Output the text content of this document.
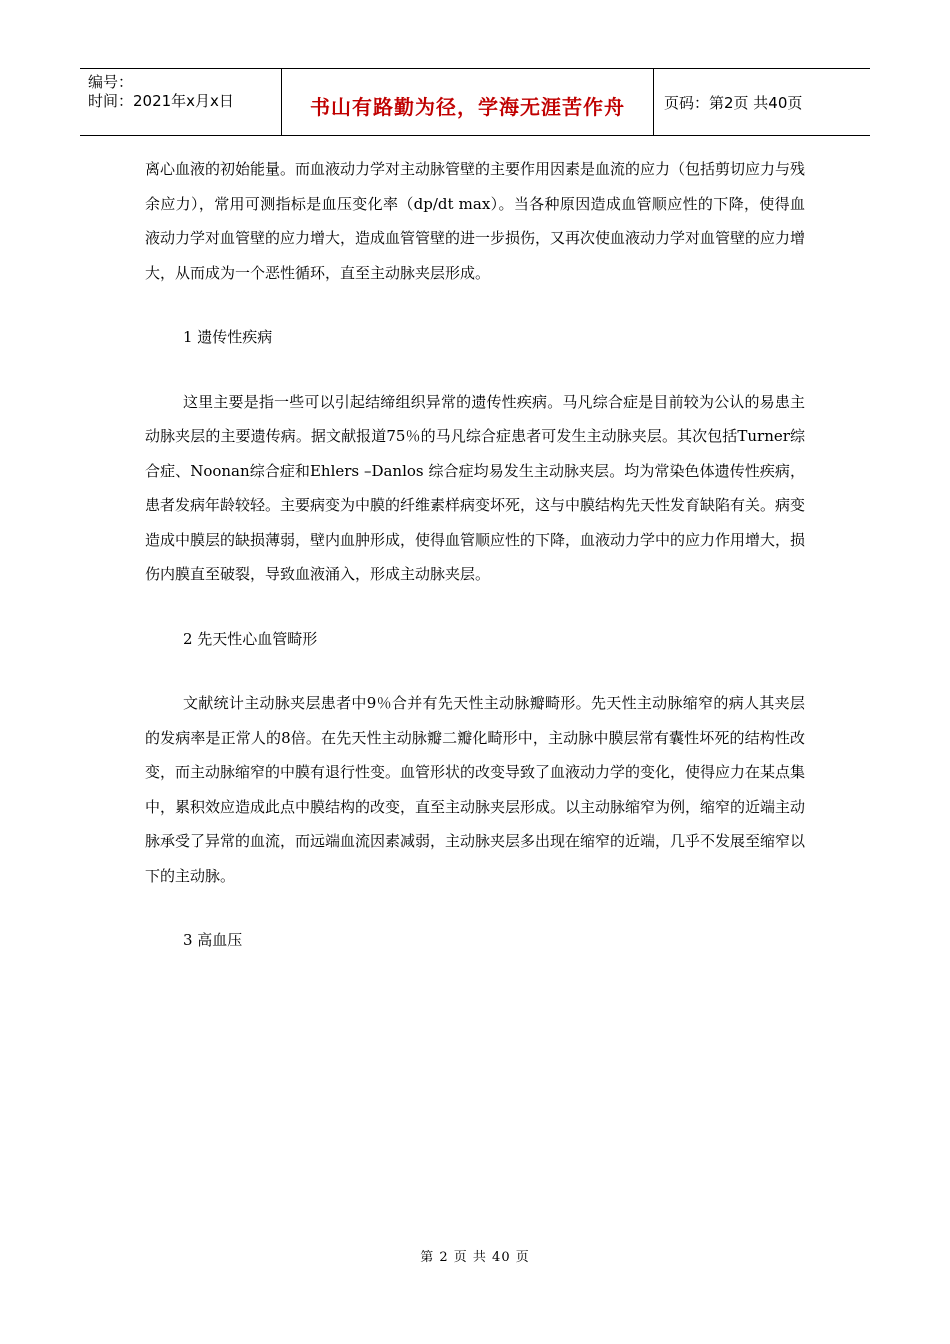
编号：
时间：2021年x月x日	书山有路勤为径，学海无涯苦作舟	页码：第2页 共40页

离心血液的初始能量。而血液动力学对主动脉管壁的主要作用因素是血流的应力（包括剪切应力与残余应力），常用可测指标是血压变化率（dp/dt max）。当各种原因造成血管顺应性的下降，使得血液动力学对血管壁的应力增大，造成血管管壁的进一步损伤，又再次使血液动力学对血管壁的应力增大，从而成为一个恶性循环，直至主动脉夹层形成。

1 遗传性疾病

这里主要是指一些可以引起结缔组织异常的遗传性疾病。马凡综合症是目前较为公认的易患主动脉夹层的主要遗传病。据文献报道75％的马凡综合症患者可发生主动脉夹层。其次包括Turner综合症、Noonan综合症和Ehlers –Danlos 综合症均易发生主动脉夹层。均为常染色体遗传性疾病，患者发病年龄较轻。主要病变为中膜的纤维素样病变坏死，这与中膜结构先天性发育缺陷有关。病变造成中膜层的缺损薄弱，壁内血肿形成，使得血管顺应性的下降，血液动力学中的应力作用增大，损伤内膜直至破裂，导致血液涌入，形成主动脉夹层。

2 先天性心血管畸形

文献统计主动脉夹层患者中9％合并有先天性主动脉瓣畸形。先天性主动脉缩窄的病人其夹层的发病率是正常人的8倍。在先天性主动脉瓣二瓣化畸形中，主动脉中膜层常有囊性坏死的结构性改变，而主动脉缩窄的中膜有退行性变。血管形状的改变导致了血液动力学的变化，使得应力在某点集中，累积效应造成此点中膜结构的改变，直至主动脉夹层形成。以主动脉缩窄为例，缩窄的近端主动脉承受了异常的血流，而远端血流因素减弱，主动脉夹层多出现在缩窄的近端，几乎不发展至缩窄以下的主动脉。

3 高血压

第 2 页 共 40 页
